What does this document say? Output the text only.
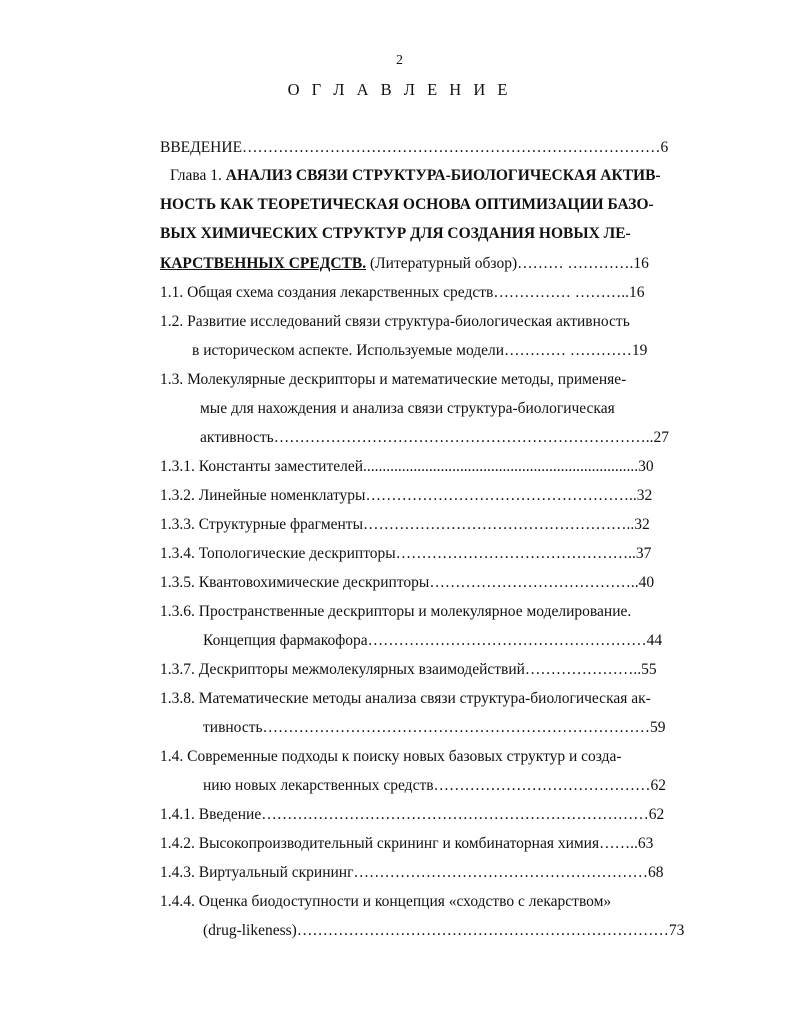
2
О Г Л А В Л Е Н И Е
ВВЕДЕНИЕ………………………………………………………………………6
Глава 1. АНАЛИЗ СВЯЗИ СТРУКТУРА-БИОЛОГИЧЕСКАЯ АКТИВ-
НОСТЬ КАК ТЕОРЕТИЧЕСКАЯ ОСНОВА ОПТИМИЗАЦИИ БАЗО-
ВЫХ ХИМИЧЕСКИХ СТРУКТУР ДЛЯ СОЗДАНИЯ НОВЫХ ЛЕ-
КАРСТВЕННЫХ СРЕДСТВ. (Литературный обзор)……… ………….16
1.1. Общая схема создания лекарственных средств…………… ………..16
1.2. Развитие исследований связи структура-биологическая активность
в историческом аспекте. Используемые модели………… …………19
1.3. Молекулярные дескрипторы и математические методы, применяе-
мые для нахождения и анализа связи структура-биологическая
активность………………………………………………………………..27
1.3.1. Константы заместителей.......................................................................30
1.3.2. Линейные номенклатуры……………………………………………..32
1.3.3. Структурные фрагменты……………………………………………..32
1.3.4. Топологические дескрипторы………………………………………..37
1.3.5. Квантовохимические дескрипторы…………………………………..40
1.3.6. Пространственные дескрипторы и молекулярное моделирование.
Концепция фармакофора………………………………………………44
1.3.7. Дескрипторы межмолекулярных взаимодействий…………………..55
1.3.8. Математические методы анализа связи структура-биологическая ак-
тивность…………………………………………………………………59
1.4. Современные подходы к поиску новых базовых структур и созда-
нию новых лекарственных средств……………………………………62
1.4.1. Введение…………………………………………………………………62
1.4.2. Высокопроизводительный скрининг и комбинаторная химия……..63
1.4.3. Виртуальный скрининг…………………………………………………68
1.4.4. Оценка биодоступности и концепция «сходство с лекарством»
(drug-likeness)………………………………………………………………73
